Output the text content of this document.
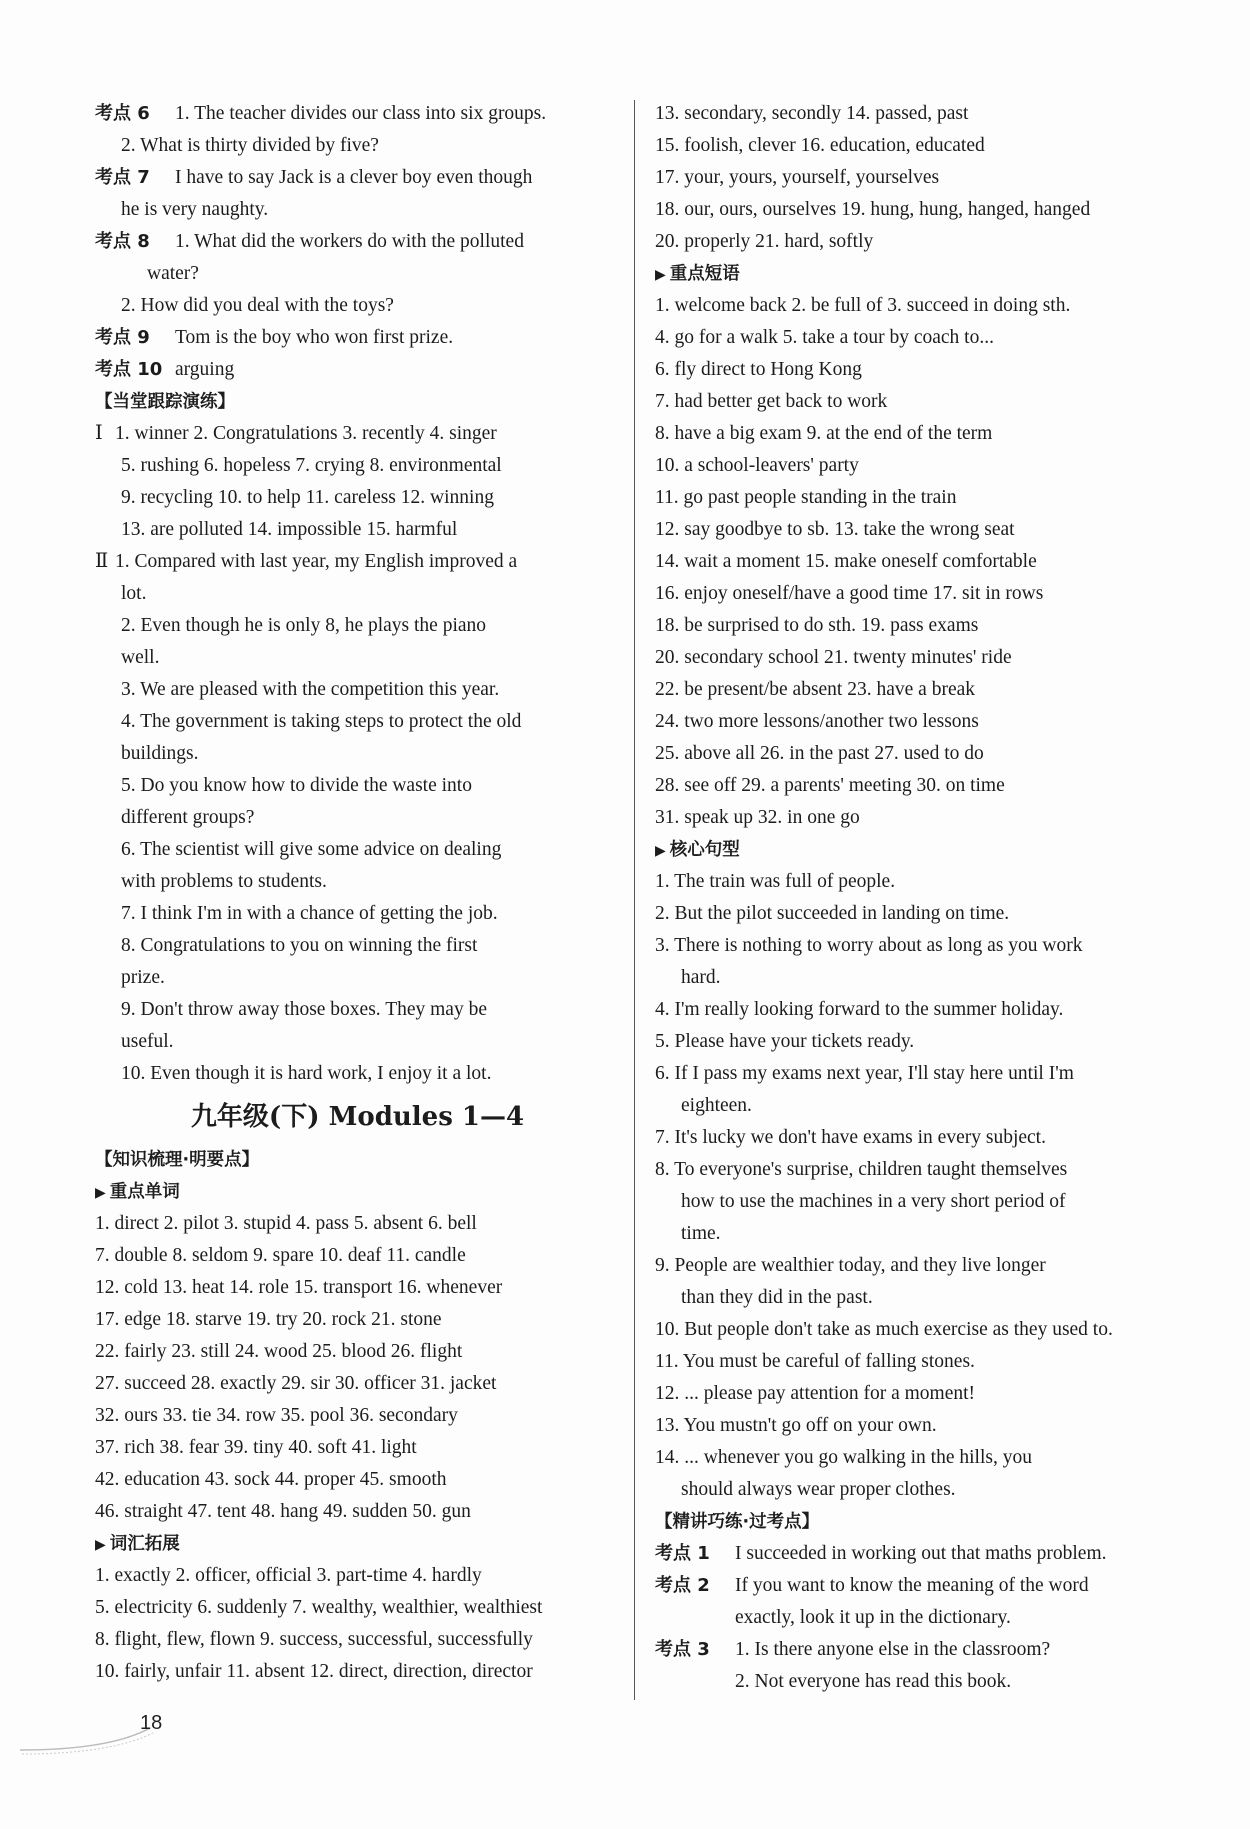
考点 6 1. The teacher divides our class into six groups.
2. What is thirty divided by five?
考点 7 I have to say Jack is a clever boy even though
he is very naughty.
考点 8 1. What did the workers do with the polluted
water?
2. How did you deal with the toys?
考点 9 Tom is the boy who won first prize.
考点 10 arguing
【当堂跟踪演练】
Ⅰ 1. winner 2. Congratulations 3. recently 4. singer
5. rushing 6. hopeless 7. crying 8. environmental
9. recycling 10. to help 11. careless 12. winning
13. are polluted 14. impossible 15. harmful
Ⅱ 1. Compared with last year, my English improved a
lot.
2. Even though he is only 8, he plays the piano
well.
3. We are pleased with the competition this year.
4. The government is taking steps to protect the old
buildings.
5. Do you know how to divide the waste into
different groups?
6. The scientist will give some advice on dealing
with problems to students.
7. I think I'm in with a chance of getting the job.
8. Congratulations to you on winning the first
prize.
9. Don't throw away those boxes. They may be
useful.
10. Even though it is hard work, I enjoy it a lot.
九年级(下) Modules 1—4
【知识梳理·明要点】
▶ 重点单词
1. direct 2. pilot 3. stupid 4. pass 5. absent 6. bell
7. double 8. seldom 9. spare 10. deaf 11. candle
12. cold 13. heat 14. role 15. transport 16. whenever
17. edge 18. starve 19. try 20. rock 21. stone
22. fairly 23. still 24. wood 25. blood 26. flight
27. succeed 28. exactly 29. sir 30. officer 31. jacket
32. ours 33. tie 34. row 35. pool 36. secondary
37. rich 38. fear 39. tiny 40. soft 41. light
42. education 43. sock 44. proper 45. smooth
46. straight 47. tent 48. hang 49. sudden 50. gun
▶ 词汇拓展
1. exactly 2. officer, official 3. part-time 4. hardly
5. electricity 6. suddenly 7. wealthy, wealthier, wealthiest
8. flight, flew, flown 9. success, successful, successfully
10. fairly, unfair 11. absent 12. direct, direction, director
13. secondary, secondly 14. passed, past
15. foolish, clever 16. education, educated
17. your, yours, yourself, yourselves
18. our, ours, ourselves 19. hung, hung, hanged, hanged
20. properly 21. hard, softly
▶ 重点短语
1. welcome back 2. be full of 3. succeed in doing sth.
4. go for a walk 5. take a tour by coach to...
6. fly direct to Hong Kong
7. had better get back to work
8. have a big exam 9. at the end of the term
10. a school-leavers' party
11. go past people standing in the train
12. say goodbye to sb. 13. take the wrong seat
14. wait a moment 15. make oneself comfortable
16. enjoy oneself/have a good time 17. sit in rows
18. be surprised to do sth. 19. pass exams
20. secondary school 21. twenty minutes' ride
22. be present/be absent 23. have a break
24. two more lessons/another two lessons
25. above all 26. in the past 27. used to do
28. see off 29. a parents' meeting 30. on time
31. speak up 32. in one go
▶ 核心句型
1. The train was full of people.
2. But the pilot succeeded in landing on time.
3. There is nothing to worry about as long as you work
hard.
4. I'm really looking forward to the summer holiday.
5. Please have your tickets ready.
6. If I pass my exams next year, I'll stay here until I'm
eighteen.
7. It's lucky we don't have exams in every subject.
8. To everyone's surprise, children taught themselves
how to use the machines in a very short period of
time.
9. People are wealthier today, and they live longer
than they did in the past.
10. But people don't take as much exercise as they used to.
11. You must be careful of falling stones.
12. ... please pay attention for a moment!
13. You mustn't go off on your own.
14. ... whenever you go walking in the hills, you
should always wear proper clothes.
【精讲巧练·过考点】
考点 1 I succeeded in working out that maths problem.
考点 2 If you want to know the meaning of the word
exactly, look it up in the dictionary.
考点 3 1. Is there anyone else in the classroom?
2. Not everyone has read this book.
18
